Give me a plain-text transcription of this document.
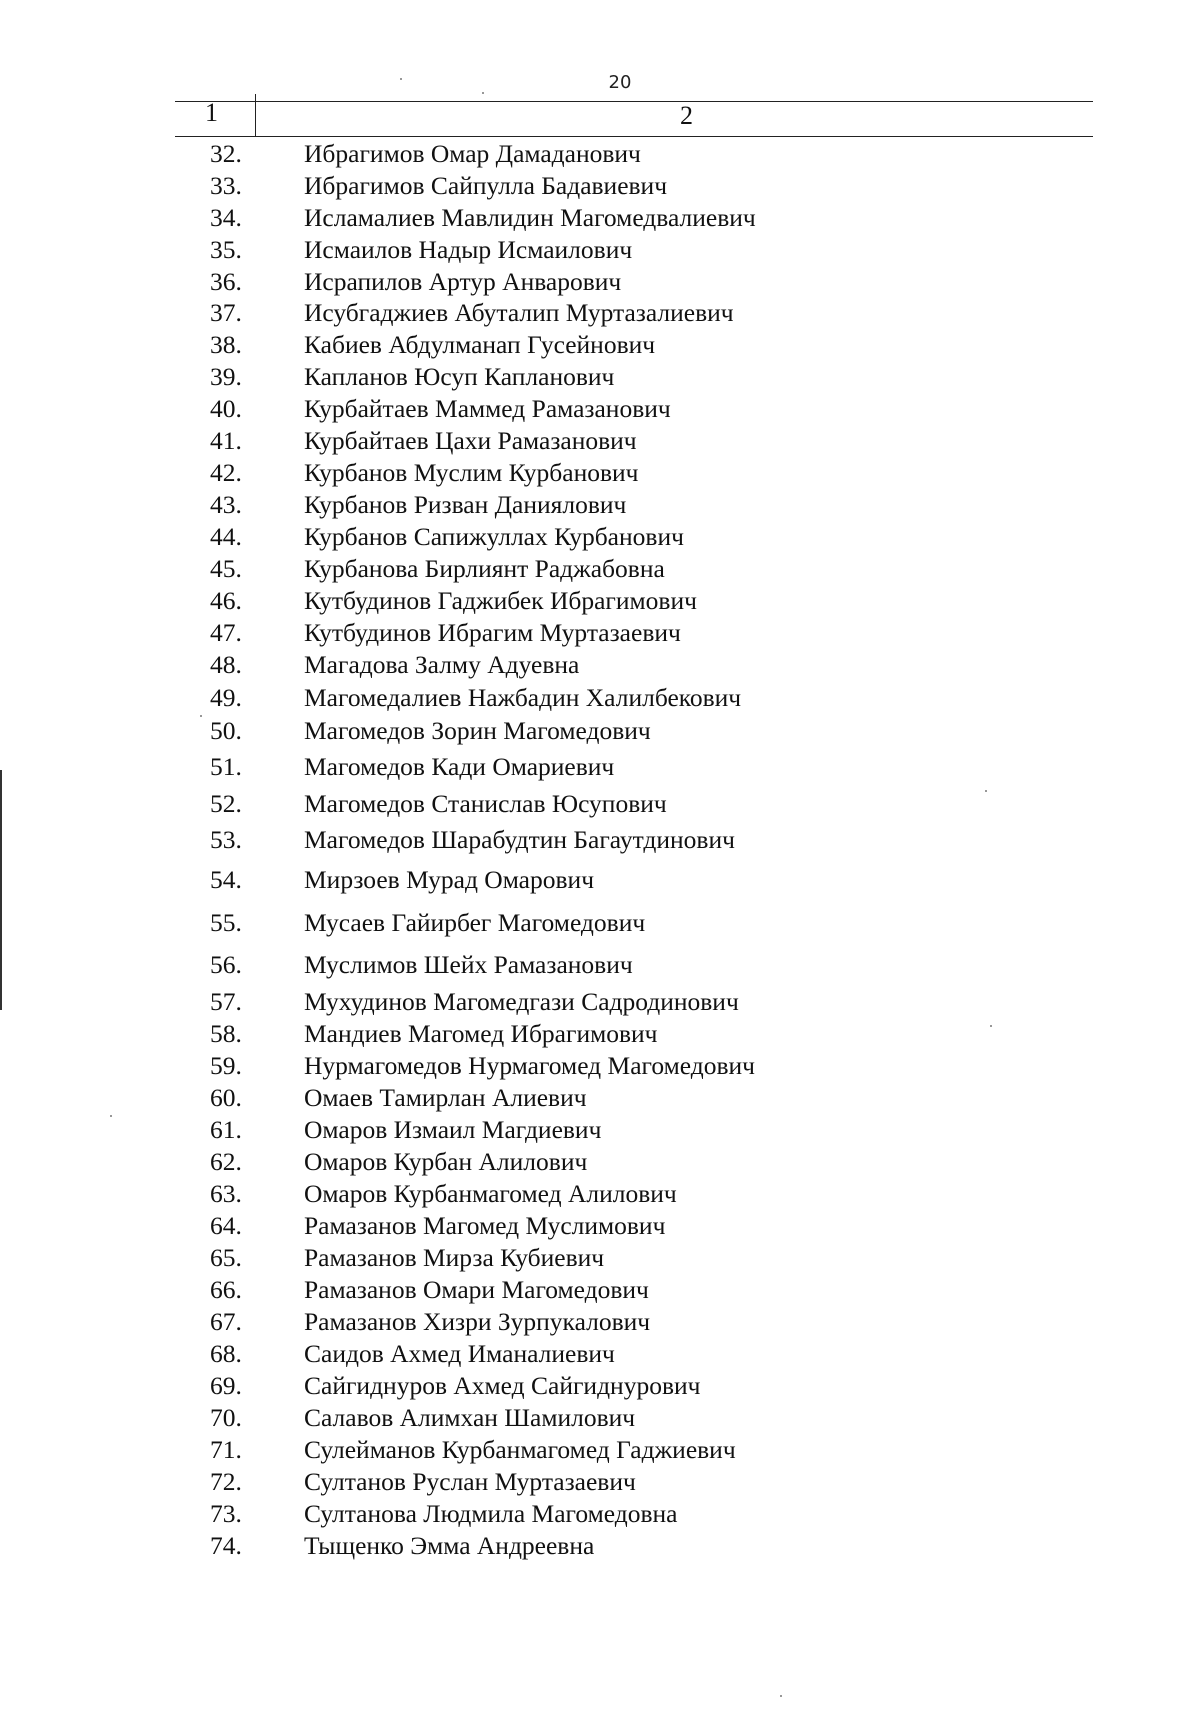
20
1	2
32. Ибрагимов Омар Дамаданович
33. Ибрагимов Сайпулла Бадавиевич
34. Исламалиев Мавлидин Магомедвалиевич
35. Исмаилов Надыр Исмаилович
36. Исрапилов Артур Анварович
37. Исубгаджиев Абуталип Муртазалиевич
38. Кабиев Абдулманап Гусейнович
39. Капланов Юсуп Капланович
40. Курбайтаев Маммед Рамазанович
41. Курбайтаев Цахи Рамазанович
42. Курбанов Муслим Курбанович
43. Курбанов Ризван Даниялович
44. Курбанов Сапижуллах Курбанович
45. Курбанова Бирлиянт Раджабовна
46. Кутбудинов Гаджибек Ибрагимович
47. Кутбудинов Ибрагим Муртазаевич
48. Магадова Залму Адуевна
49. Магомедалиев Нажбадин Халилбекович
50. Магомедов Зорин Магомедович
51. Магомедов Кади Омариевич
52. Магомедов Станислав Юсупович
53. Магомедов Шарабудтин Багаутдинович
54. Мирзоев Мурад Омарович
55. Мусаев Гайирбег Магомедович
56. Муслимов Шейх Рамазанович
57. Мухудинов Магомедгази Садродинович
58. Мандиев Магомед Ибрагимович
59. Нурмагомедов Нурмагомед Магомедович
60. Омаев Тамирлан Алиевич
61. Омаров Измаил Магдиевич
62. Омаров Курбан Алилович
63. Омаров Курбанмагомед Алилович
64. Рамазанов Магомед Муслимович
65. Рамазанов Мирза Кубиевич
66. Рамазанов Омари Магомедович
67. Рамазанов Хизри Зурпукалович
68. Саидов Ахмед Иманалиевич
69. Сайгиднуров Ахмед Сайгиднурович
70. Салавов Алимхан Шамилович
71. Сулейманов Курбанмагомед Гаджиевич
72. Султанов Руслан Муртазаевич
73. Султанова Людмила Магомедовна
74. Тыщенко Эмма Андреевна
